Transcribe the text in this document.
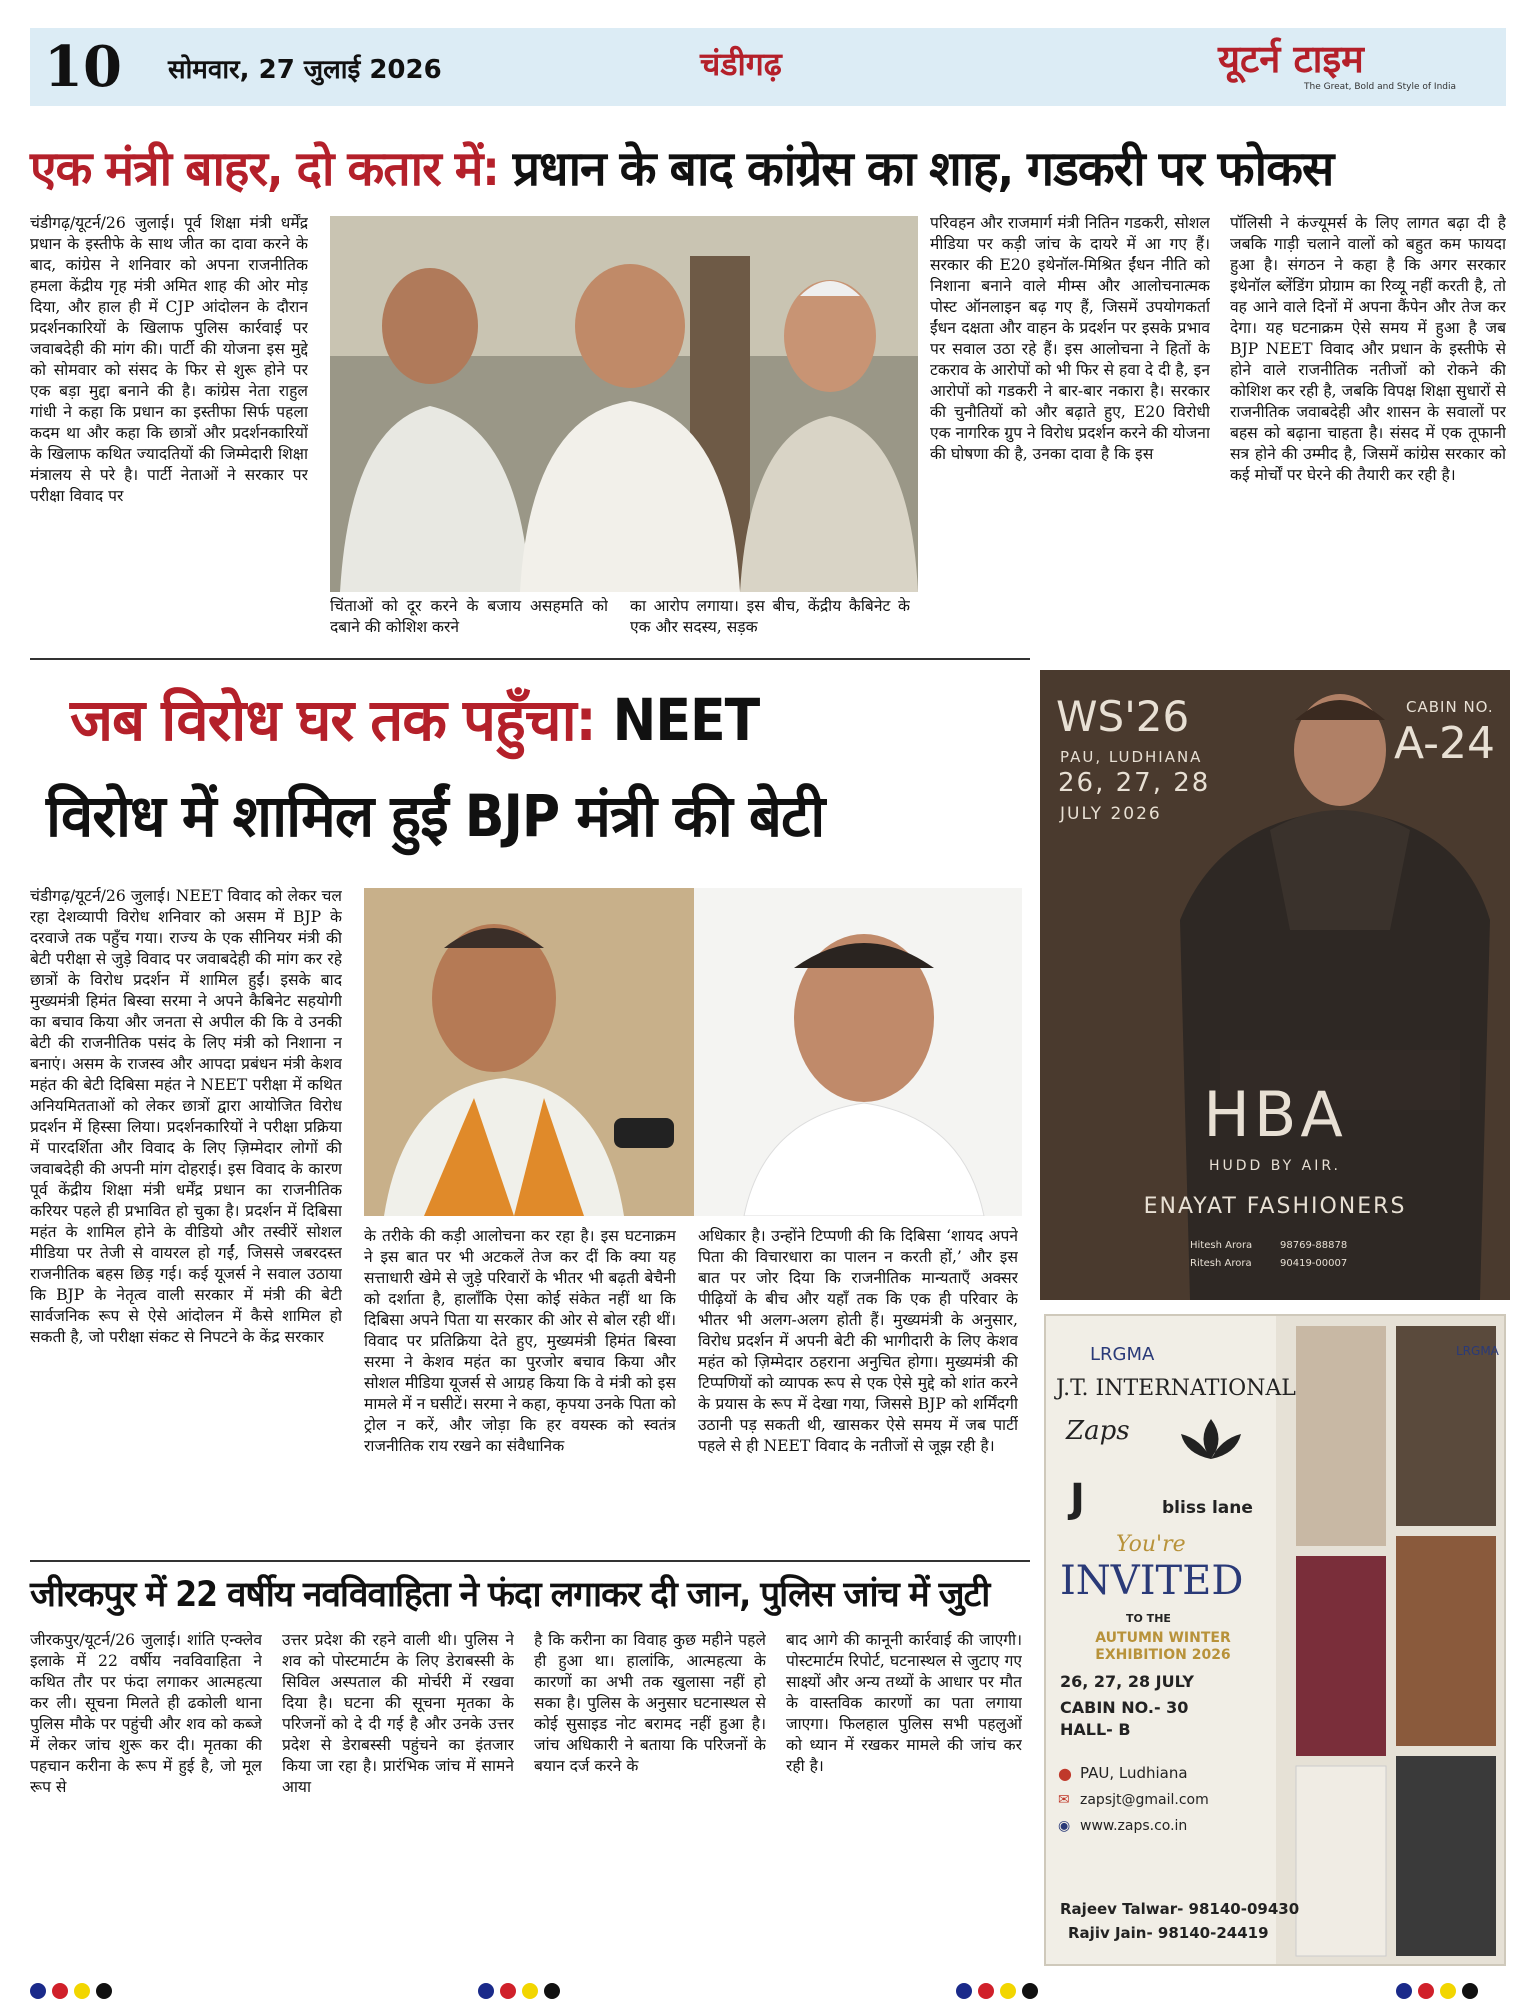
10 सोमवार, 27 जुलाई 2026	चंडीगढ़	यूटर्न टाइम
The Great, Bold and Style of India
एक मंत्री बाहर, दो कतार में: प्रधान के बाद कांग्रेस का शाह, गडकरी पर फोकस

चंडीगढ़/यूटर्न/26 जुलाई। पूर्व शिक्षा मंत्री धर्मेंद्र प्रधान के इस्तीफे के साथ जीत का दावा करने के बाद, कांग्रेस ने शनिवार को अपना राजनीतिक हमला केंद्रीय गृह मंत्री अमित शाह की ओर मोड़ दिया, और हाल ही में CJP आंदोलन के दौरान प्रदर्शनकारियों के खिलाफ पुलिस कार्रवाई पर जवाबदेही की मांग की। पार्टी की योजना इस मुद्दे को सोमवार को संसद के फिर से शुरू होने पर एक बड़ा मुद्दा बनाने की है। कांग्रेस नेता राहुल गांधी ने कहा कि प्रधान का इस्तीफा सिर्फ पहला कदम था और कहा कि छात्रों और प्रदर्शनकारियों के खिलाफ कथित ज्यादतियों की जिम्मेदारी शिक्षा मंत्रालय से परे है। पार्टी नेताओं ने सरकार पर परीक्षा विवाद पर

चिंताओं को दूर करने के बजाय असहमति को दबाने की कोशिश करने

का आरोप लगाया। इस बीच, केंद्रीय कैबिनेट के एक और सदस्य, सड़क

परिवहन और राजमार्ग मंत्री नितिन गडकरी, सोशल मीडिया पर कड़ी जांच के दायरे में आ गए हैं। सरकार की E20 इथेनॉल-मिश्रित ईंधन नीति को निशाना बनाने वाले मीम्स और आलोचनात्मक पोस्ट ऑनलाइन बढ़ गए हैं, जिसमें उपयोगकर्ता ईंधन दक्षता और वाहन के प्रदर्शन पर इसके प्रभाव पर सवाल उठा रहे हैं। इस आलोचना ने हितों के टकराव के आरोपों को भी फिर से हवा दे दी है, इन आरोपों को गडकरी ने बार-बार नकारा है। सरकार की चुनौतियों को और बढ़ाते हुए, E20 विरोधी एक नागरिक ग्रुप ने विरोध प्रदर्शन करने की योजना की घोषणा की है, उनका दावा है कि इस

पॉलिसी ने कंज्यूमर्स के लिए लागत बढ़ा दी है जबकि गाड़ी चलाने वालों को बहुत कम फायदा हुआ है। संगठन ने कहा है कि अगर सरकार इथेनॉल ब्लेंडिंग प्रोग्राम का रिव्यू नहीं करती है, तो वह आने वाले दिनों में अपना कैंपेन और तेज कर देगा। यह घटनाक्रम ऐसे समय में हुआ है जब BJP NEET विवाद और प्रधान के इस्तीफे से होने वाले राजनीतिक नतीजों को रोकने की कोशिश कर रही है, जबकि विपक्ष शिक्षा सुधारों से राजनीतिक जवाबदेही और शासन के सवालों पर बहस को बढ़ाना चाहता है। संसद में एक तूफानी सत्र होने की उम्मीद है, जिसमें कांग्रेस सरकार को कई मोर्चों पर घेरने की तैयारी कर रही है।

जब विरोध घर तक पहुँचा: NEET
विरोध में शामिल हुईं BJP मंत्री की बेटी

चंडीगढ़/यूटर्न/26 जुलाई। NEET विवाद को लेकर चल रहा देशव्यापी विरोध शनिवार को असम में BJP के दरवाजे तक पहुँच गया। राज्य के एक सीनियर मंत्री की बेटी परीक्षा से जुड़े विवाद पर जवाबदेही की मांग कर रहे छात्रों के विरोध प्रदर्शन में शामिल हुईं। इसके बाद मुख्यमंत्री हिमंत बिस्वा सरमा ने अपने कैबिनेट सहयोगी का बचाव किया और जनता से अपील की कि वे उनकी बेटी की राजनीतिक पसंद के लिए मंत्री को निशाना न बनाएं। असम के राजस्व और आपदा प्रबंधन मंत्री केशव महंत की बेटी दिबिसा महंत ने NEET परीक्षा में कथित अनियमितताओं को लेकर छात्रों द्वारा आयोजित विरोध प्रदर्शन में हिस्सा लिया। प्रदर्शनकारियों ने परीक्षा प्रक्रिया में पारदर्शिता और विवाद के लिए ज़िम्मेदार लोगों की जवाबदेही की अपनी मांग दोहराई। इस विवाद के कारण पूर्व केंद्रीय शिक्षा मंत्री धर्मेंद्र प्रधान का राजनीतिक करियर पहले ही प्रभावित हो चुका है। प्रदर्शन में दिबिसा महंत के शामिल होने के वीडियो और तस्वीरें सोशल मीडिया पर तेजी से वायरल हो गईं, जिससे जबरदस्त राजनीतिक बहस छिड़ गई। कई यूजर्स ने सवाल उठाया कि BJP के नेतृत्व वाली सरकार में मंत्री की बेटी सार्वजनिक रूप से ऐसे आंदोलन में कैसे शामिल हो सकती है, जो परीक्षा संकट से निपटने के केंद्र सरकार

के तरीके की कड़ी आलोचना कर रहा है। इस घटनाक्रम ने इस बात पर भी अटकलें तेज कर दीं कि क्या यह सत्ताधारी खेमे से जुड़े परिवारों के भीतर भी बढ़ती बेचैनी को दर्शाता है, हालाँकि ऐसा कोई संकेत नहीं था कि दिबिसा अपने पिता या सरकार की ओर से बोल रही थीं। विवाद पर प्रतिक्रिया देते हुए, मुख्यमंत्री हिमंत बिस्वा सरमा ने केशव महंत का पुरजोर बचाव किया और सोशल मीडिया यूजर्स से आग्रह किया कि वे मंत्री को इस मामले में न घसीटें। सरमा ने कहा, कृपया उनके पिता को ट्रोल न करें, और जोड़ा कि हर वयस्क को स्वतंत्र राजनीतिक राय रखने का संवैधानिक

अधिकार है। उन्होंने टिप्पणी की कि दिबिसा ‘शायद अपने पिता की विचारधारा का पालन न करती हों,’ और इस बात पर जोर दिया कि राजनीतिक मान्यताएँ अक्सर पीढ़ियों के बीच और यहाँ तक कि एक ही परिवार के भीतर भी अलग-अलग होती हैं। मुख्यमंत्री के अनुसार, विरोध प्रदर्शन में अपनी बेटी की भागीदारी के लिए केशव महंत को ज़िम्मेदार ठहराना अनुचित होगा। मुख्यमंत्री की टिप्पणियों को व्यापक रूप से एक ऐसे मुद्दे को शांत करने के प्रयास के रूप में देखा गया, जिससे BJP को शर्मिंदगी उठानी पड़ सकती थी, खासकर ऐसे समय में जब पार्टी पहले से ही NEET विवाद के नतीजों से जूझ रही है।

जीरकपुर में 22 वर्षीय नवविवाहिता ने फंदा लगाकर दी जान, पुलिस जांच में जुटी

जीरकपुर/यूटर्न/26 जुलाई। शांति एन्क्लेव इलाके में 22 वर्षीय नवविवाहिता ने कथित तौर पर फंदा लगाकर आत्महत्या कर ली। सूचना मिलते ही ढकोली थाना पुलिस मौके पर पहुंची और शव को कब्जे में लेकर जांच शुरू कर दी। मृतका की पहचान करीना के रूप में हुई है, जो मूल रूप से

उत्तर प्रदेश की रहने वाली थी। पुलिस ने शव को पोस्टमार्टम के लिए डेराबस्सी के सिविल अस्पताल की मोर्चरी में रखवा दिया है। घटना की सूचना मृतका के परिजनों को दे दी गई है और उनके उत्तर प्रदेश से डेराबस्सी पहुंचने का इंतजार किया जा रहा है। प्रारंभिक जांच में सामने आया

है कि करीना का विवाह कुछ महीने पहले ही हुआ था। हालांकि, आत्महत्या के कारणों का अभी तक खुलासा नहीं हो सका है। पुलिस के अनुसार घटनास्थल से कोई सुसाइड नोट बरामद नहीं हुआ है। जांच अधिकारी ने बताया कि परिजनों के बयान दर्ज करने के

बाद आगे की कानूनी कार्रवाई की जाएगी। पोस्टमार्टम रिपोर्ट, घटनास्थल से जुटाए गए साक्ष्यों और अन्य तथ्यों के आधार पर मौत के वास्तविक कारणों का पता लगाया जाएगा। फिलहाल पुलिस सभी पहलुओं को ध्यान में रखकर मामले की जांच कर रही है।

WS'26
PAU, LUDHIANA
26, 27, 28
JULY 2026
CABIN NO.
A-24
HBA
HUDD BY AIR.
ENAYAT FASHIONERS
Hitesh Arora	98769-88878
Ritesh Arora	90419-00007
LRGMA	LRGMA
J.T. INTERNATIONAL
Zaps
J	bliss lane
You're
INVITED
TO THE
AUTUMN WINTER EXHIBITION 2026
26, 27, 28 JULY
CABIN NO.- 30
HALL- B
● PAU, Ludhiana
✉ zapsjt@gmail.com
◉ www.zaps.co.in
Rajeev Talwar- 98140-09430
Rajiv Jain- 98140-24419
